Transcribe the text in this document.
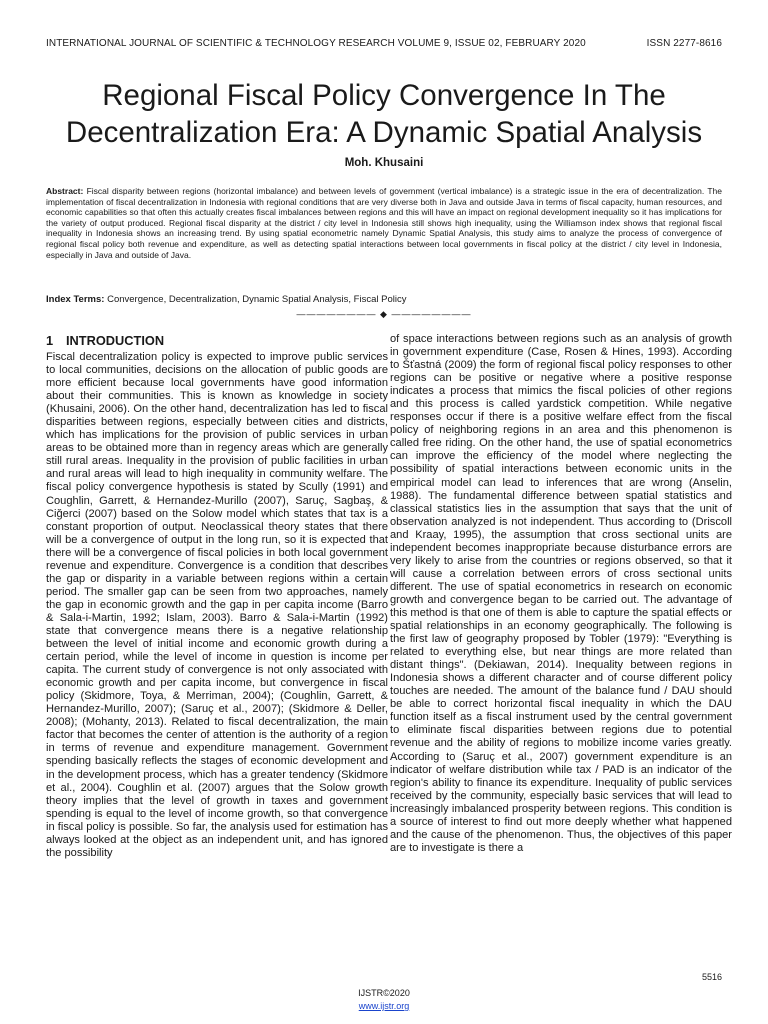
INTERNATIONAL JOURNAL OF SCIENTIFIC & TECHNOLOGY RESEARCH VOLUME 9, ISSUE 02, FEBRUARY 2020	ISSN 2277-8616
Regional Fiscal Policy Convergence In The Decentralization Era: A Dynamic Spatial Analysis
Moh. Khusaini

Abstract: Fiscal disparity between regions (horizontal imbalance) and between levels of government (vertical imbalance) is a strategic issue in the era of decentralization. The implementation of fiscal decentralization in Indonesia with regional conditions that are very diverse both in Java and outside Java in terms of fiscal capacity, human resources, and economic capabilities so that often this actually creates fiscal imbalances between regions and this will have an impact on regional development inequality so it has implications for the variety of output produced. Regional fiscal disparity at the district / city level in Indonesia still shows high inequality, using the Williamson index shows that regional fiscal inequality in Indonesia shows an increasing trend. By using spatial econometric namely Dynamic Spatial Analysis, this study aims to analyze the process of convergence of regional fiscal policy both revenue and expenditure, as well as detecting spatial interactions between local governments in fiscal policy at the district / city level in Indonesia, especially in Java and outside of Java.

Index Terms: Convergence, Decentralization, Dynamic Spatial Analysis, Fiscal Policy
———————— ◆ ————————
1 INTRODUCTION

Fiscal decentralization policy is expected to improve public services to local communities, decisions on the allocation of public goods are more efficient because local governments have good information about their communities. This is known as knowledge in society (Khusaini, 2006). On the other hand, decentralization has led to fiscal disparities between regions, especially between cities and districts, which has implications for the provision of public services in urban areas to be obtained more than in regency areas which are generally still rural areas. Inequality in the provision of public facilities in urban and rural areas will lead to high inequality in community welfare. The fiscal policy convergence hypothesis is stated by Scully (1991) and Coughlin, Garrett, & Hernandez-Murillo (2007), Saruç, Sagbaş, & Ciğerci (2007) based on the Solow model which states that tax is a constant proportion of output. Neoclassical theory states that there will be a convergence of output in the long run, so it is expected that there will be a convergence of fiscal policies in both local government revenue and expenditure. Convergence is a condition that describes the gap or disparity in a variable between regions within a certain period. The smaller gap can be seen from two approaches, namely the gap in economic growth and the gap in per capita income (Barro & Sala-i-Martin, 1992; Islam, 2003). Barro & Sala-i-Martin (1992) state that convergence means there is a negative relationship between the level of initial income and economic growth during a certain period, while the level of income in question is income per capita. The current study of convergence is not only associated with economic growth and per capita income, but convergence in fiscal policy (Skidmore, Toya, & Merriman, 2004); (Coughlin, Garrett, & Hernandez-Murillo, 2007); (Saruç et al., 2007); (Skidmore & Deller, 2008); (Mohanty, 2013). Related to fiscal decentralization, the main factor that becomes the center of attention is the authority of a region in terms of revenue and expenditure management. Government spending basically reflects the stages of economic development and in the development process, which has a greater tendency (Skidmore et al., 2004). Coughlin et al. (2007) argues that the Solow growth theory implies that the level of growth in taxes and government spending is equal to the level of income growth, so that convergence in fiscal policy is possible. So far, the analysis used for estimation has always looked at the object as an independent unit, and has ignored the possibility

of space interactions between regions such as an analysis of growth in government expenditure (Case, Rosen & Hines, 1993). According to Šťastná (2009) the form of regional fiscal policy responses to other regions can be positive or negative where a positive response indicates a process that mimics the fiscal policies of other regions and this process is called yardstick competition. While negative responses occur if there is a positive welfare effect from the fiscal policy of neighboring regions in an area and this phenomenon is called free riding. On the other hand, the use of spatial econometrics can improve the efficiency of the model where neglecting the possibility of spatial interactions between economic units in the empirical model can lead to inferences that are wrong (Anselin, 1988). The fundamental difference between spatial statistics and classical statistics lies in the assumption that says that the unit of observation analyzed is not independent. Thus according to (Driscoll and Kraay, 1995), the assumption that cross sectional units are independent becomes inappropriate because disturbance errors are very likely to arise from the countries or regions observed, so that it will cause a correlation between errors of cross sectional units different. The use of spatial econometrics in research on economic growth and convergence began to be carried out. The advantage of this method is that one of them is able to capture the spatial effects or spatial relationships in an economy geographically. The following is the first law of geography proposed by Tobler (1979): "Everything is related to everything else, but near things are more related than distant things". (Dekiawan, 2014). Inequality between regions in Indonesia shows a different character and of course different policy touches are needed. The amount of the balance fund / DAU should be able to correct horizontal fiscal inequality in which the DAU function itself as a fiscal instrument used by the central government to eliminate fiscal disparities between regions due to potential revenue and the ability of regions to mobilize income varies greatly. According to (Saruç et al., 2007) government expenditure is an indicator of welfare distribution while tax / PAD is an indicator of the region's ability to finance its expenditure. Inequality of public services received by the community, especially basic services that will lead to increasingly imbalanced prosperity between regions. This condition is a source of interest to find out more deeply whether what happened and the cause of the phenomenon. Thus, the objectives of this paper are to investigate is there a

5516
IJSTR©2020
www.ijstr.org
